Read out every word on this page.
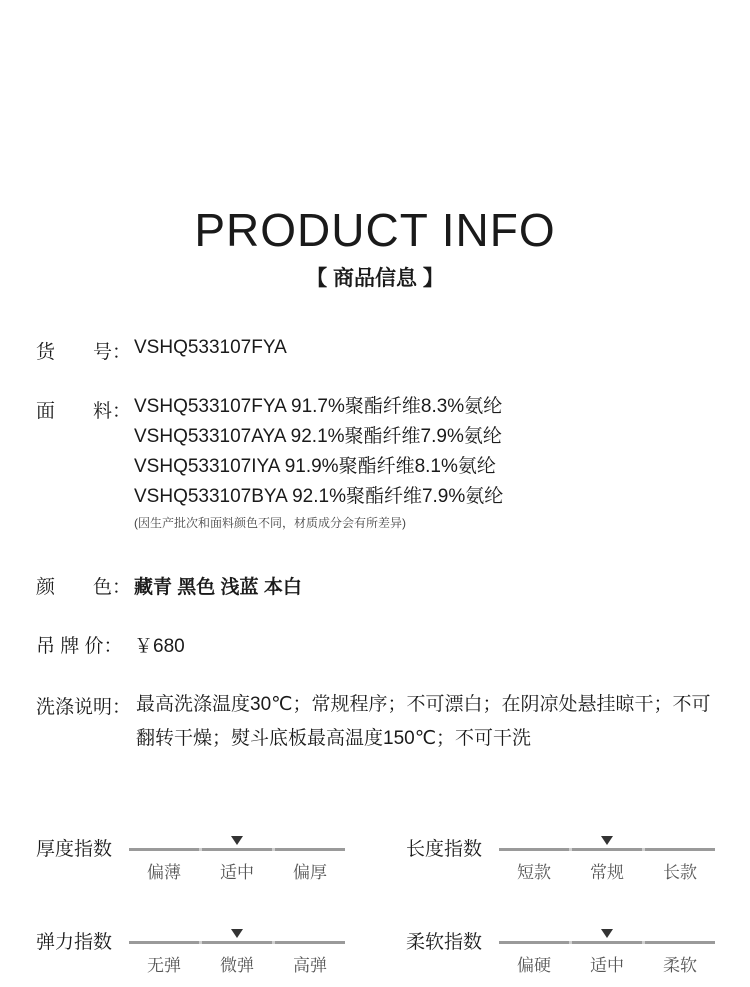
PRODUCT INFO
【 商品信息 】
货　　号： VSHQ533107FYA
面　　料： VSHQ533107FYA 91.7%聚酯纤维8.3%氨纶
VSHQ533107AYA 92.1%聚酯纤维7.9%氨纶
VSHQ533107IYA 91.9%聚酯纤维8.1%氨纶
VSHQ533107BYA 92.1%聚酯纤维7.9%氨纶
(因生产批次和面料颜色不同，材质成分会有所差异)
颜　　色： 藏青 黑色 浅蓝 本白
吊 牌 价： ￥680
洗涤说明： 最高洗涤温度30℃；常规程序；不可漂白；在阴凉处悬挂晾干；不可翻转干燥；熨斗底板最高温度150℃；不可干洗
厚度指数
偏薄	适中	偏厚
长度指数
短款	常规	长款
弹力指数
无弹	微弹	高弹
柔软指数
偏硬	适中	柔软
